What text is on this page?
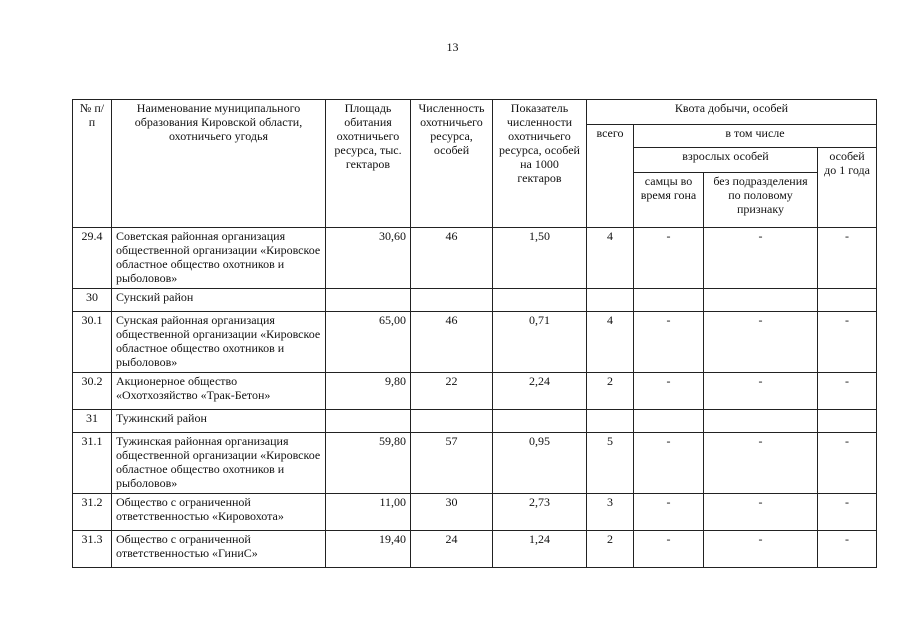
13
№ п/п	Наименование муниципального образования Кировской области, охотничьего угодья	Площадь обитания охотничьего ресурса, тыс. гектаров	Численность охотничьего ресурса, особей	Показатель численности охотничьего ресурса, особей на 1000 гектаров	Квота добычи, особей			
					всего	в том числе		
						взрослых особей		особей до 1 года
						самцы во время гона	без подразделения по половому признаку	
29.4	Советская районная организация общественной организации «Кировское областное общество охотников и рыболовов»	30,60	46	1,50	4	-	-	-
30	Сунский район							
30.1	Сунская районная организация общественной организации «Кировское областное общество охотников и рыболовов»	65,00	46	0,71	4	-	-	-
30.2	Акционерное общество «Охотхозяйство «Трак-Бетон»	9,80	22	2,24	2	-	-	-
31	Тужинский район							
31.1	Тужинская районная организация общественной организации «Кировское областное общество охотников и рыболовов»	59,80	57	0,95	5	-	-	-
31.2	Общество с ограниченной ответственностью «Кировохота»	11,00	30	2,73	3	-	-	-
31.3	Общество с ограниченной ответственностью «ГиниС»	19,40	24	1,24	2	-	-	-
